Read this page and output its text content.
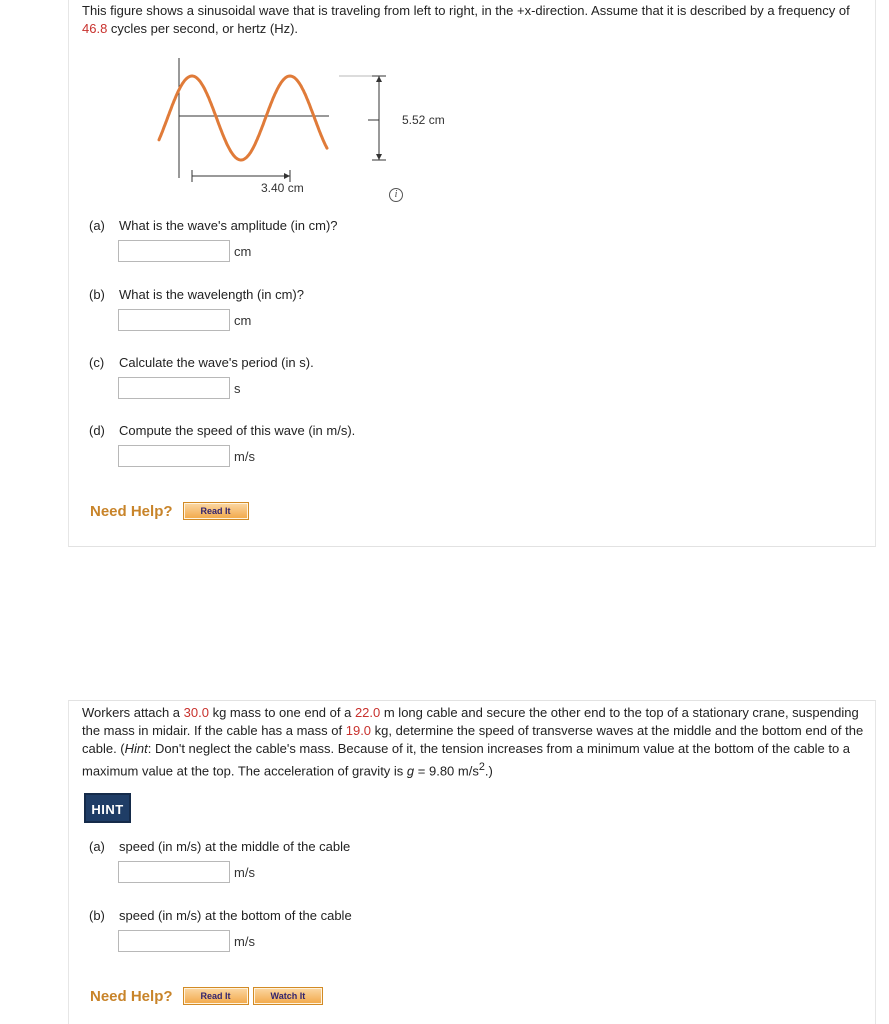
This figure shows a sinusoidal wave that is traveling from left to right, in the +x-direction. Assume that it is described by a frequency of 46.8 cycles per second, or hertz (Hz).

5.52 cm
3.40 cm	i
(a) What is the wave's amplitude (in cm)?
cm
(b) What is the wavelength (in cm)?
cm
(c) Calculate the wave's period (in s).
s
(d) Compute the speed of this wave (in m/s).
m/s
Need Help?	Read It

Workers attach a 30.0 kg mass to one end of a 22.0 m long cable and secure the other end to the top of a stationary crane, suspending the mass in midair. If the cable has a mass of 19.0 kg, determine the speed of transverse waves at the middle and the bottom end of the cable. (Hint: Don't neglect the cable's mass. Because of it, the tension increases from a minimum value at the bottom of the cable to a maximum value at the top. The acceleration of gravity is g = 9.80 $m/s^2$.)

HINT
(a) speed (in m/s) at the middle of the cable
m/s
(b) speed (in m/s) at the bottom of the cable
m/s
Need Help?	Read It	Watch It
